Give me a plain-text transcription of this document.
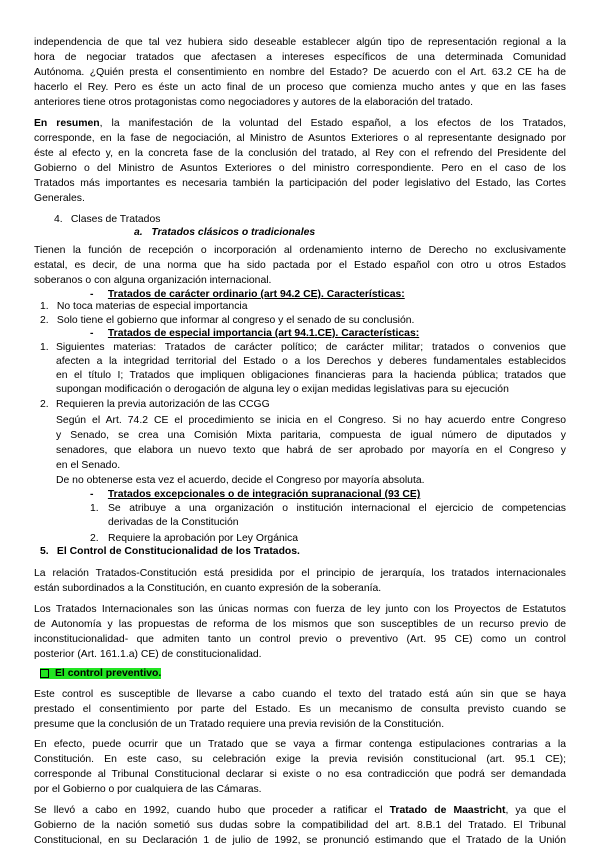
independencia de que tal vez hubiera sido deseable establecer algún tipo de representación regional a la
hora de negociar tratados que afectasen a intereses específicos de una determinada Comunidad
Autónoma. ¿Quién presta el consentimiento en nombre del Estado? De acuerdo con el Art. 63.2 CE ha de
hacerlo el Rey. Pero es éste un acto final de un proceso que comienza mucho antes y que en las fases
anteriores tiene otros protagonistas como negociadores y autores de la elaboración del tratado.
En resumen, la manifestación de la voluntad del Estado español, a los efectos de los Tratados,
corresponde, en la fase de negociación, al Ministro de Asuntos Exteriores o al representante designado por
éste al efecto y, en la concreta fase de la conclusión del tratado, al Rey con el refrendo del Presidente del
Gobierno o del Ministro de Asuntos Exteriores o del ministro correspondiente. Pero en el caso de los
Tratados más importantes es necesaria también la participación del poder legislativo del Estado, las Cortes
Generales.
4. Clases de Tratados
a. Tratados clásicos o tradicionales
Tienen la función de recepción o incorporación al ordenamiento interno de Derecho no exclusivamente
estatal, es decir, de una norma que ha sido pactada por el Estado español con otro u otros Estados
soberanos o con alguna organización internacional.
- Tratados de carácter ordinario (art 94.2 CE). Características:
1. No toca materias de especial importancia
2. Solo tiene el gobierno que informar al congreso y el senado de su conclusión.
- Tratados de especial importancia (art 94.1.CE). Características:
1. Siguientes materias: Tratados de carácter político; de carácter militar; tratados o convenios que
afecten a la integridad territorial del Estado o a los Derechos y deberes fundamentales establecidos
en el título I; Tratados que impliquen obligaciones financieras para la hacienda pública; tratados que
supongan modificación o derogación de alguna ley o exijan medidas legislativas para su ejecución
2. Requieren la previa autorización de las CCGG
Según el Art. 74.2 CE el procedimiento se inicia en el Congreso. Si no hay acuerdo entre Congreso
y Senado, se crea una Comisión Mixta paritaria, compuesta de igual número de diputados y
senadores, que elabora un nuevo texto que habrá de ser aprobado por mayoría en el Congreso y
en el Senado.
De no obtenerse esta vez el acuerdo, decide el Congreso por mayoría absoluta.
- Tratados excepcionales o de integración supranacional (93 CE)
1. Se atribuye a una organización o institución internacional el ejercicio de competencias
derivadas de la Constitución
2. Requiere la aprobación por Ley Orgánica
5. El Control de Constitucionalidad de los Tratados.
La relación Tratados-Constitución está presidida por el principio de jerarquía, los tratados internacionales
están subordinados a la Constitución, en cuanto expresión de la soberanía.
Los Tratados Internacionales son las únicas normas con fuerza de ley junto con los Proyectos de Estatutos
de Autonomía y las propuestas de reforma de los mismos que son susceptibles de un recurso previo de
inconstitucionalidad- que admiten tanto un control previo o preventivo (Art. 95 CE) como un control
posterior (Art. 161.1.a) CE) de constitucionalidad.
El control preventivo.
Este control es susceptible de llevarse a cabo cuando el texto del tratado está aún sin que se haya
prestado el consentimiento por parte del Estado. Es un mecanismo de consulta previsto cuando se
presume que la conclusión de un Tratado requiere una previa revisión de la Constitución.
En efecto, puede ocurrir que un Tratado que se vaya a firmar contenga estipulaciones contrarias a la
Constitución. En este caso, su celebración exige la previa revisión constitucional (art. 95.1 CE);
corresponde al Tribunal Constitucional declarar si existe o no esa contradicción que podrá ser demandada
por el Gobierno o por cualquiera de las Cámaras.
Se llevó a cabo en 1992, cuando hubo que proceder a ratificar el Tratado de Maastricht, ya que el
Gobierno de la nación sometió sus dudas sobre la compatibilidad del art. 8.B.1 del Tratado. El Tribunal
Constitucional, en su Declaración 1 de julio de 1992, se pronunció estimando que el Tratado de la Unión
